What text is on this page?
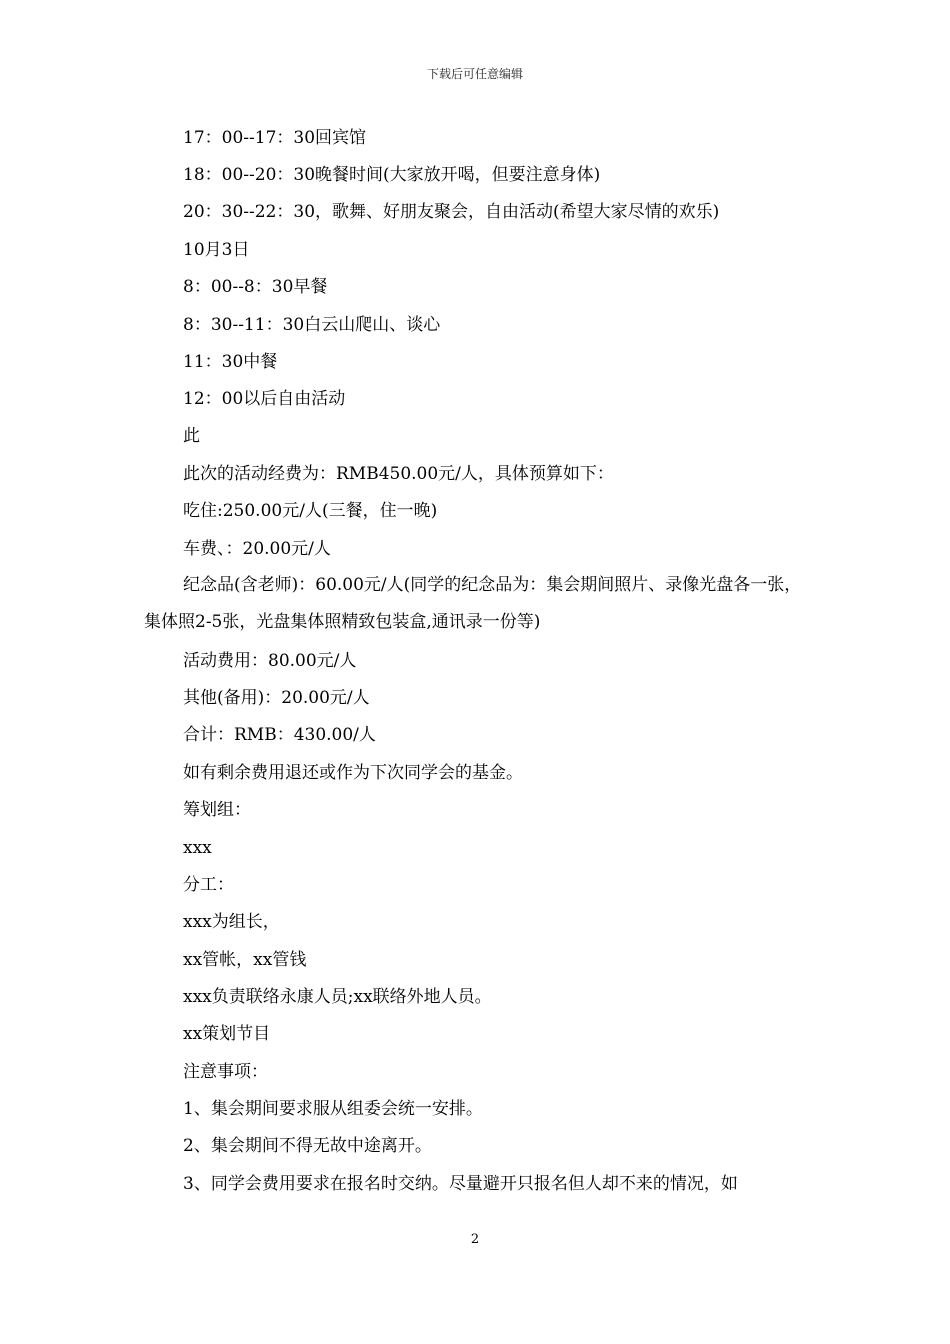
下载后可任意编辑
17：00--17：30回宾馆
18：00--20：30晚餐时间(大家放开喝，但要注意身体)
20：30--22：30，歌舞、好朋友聚会，自由活动(希望大家尽情的欢乐)
10月3日
8：00--8：30早餐
8：30--11：30白云山爬山、谈心
11：30中餐
12：00以后自由活动
此
此次的活动经费为：RMB450.00元/人，具体预算如下：
吃住:250.00元/人(三餐，住一晚)
车费、：20.00元/人
纪念品(含老师)：60.00元/人(同学的纪念品为：集会期间照片、录像光盘各一张，集体照2-5张，光盘集体照精致包装盒,通讯录一份等)
活动费用：80.00元/人
其他(备用)：20.00元/人
合计：RMB：430.00/人
如有剩余费用退还或作为下次同学会的基金。
筹划组：
xxx
分工：
xxx为组长，
xx管帐，xx管钱
xxx负责联络永康人员;xx联络外地人员。
xx策划节目
注意事项：
1、集会期间要求服从组委会统一安排。
2、集会期间不得无故中途离开。
3、同学会费用要求在报名时交纳。尽量避开只报名但人却不来的情况，如
2
